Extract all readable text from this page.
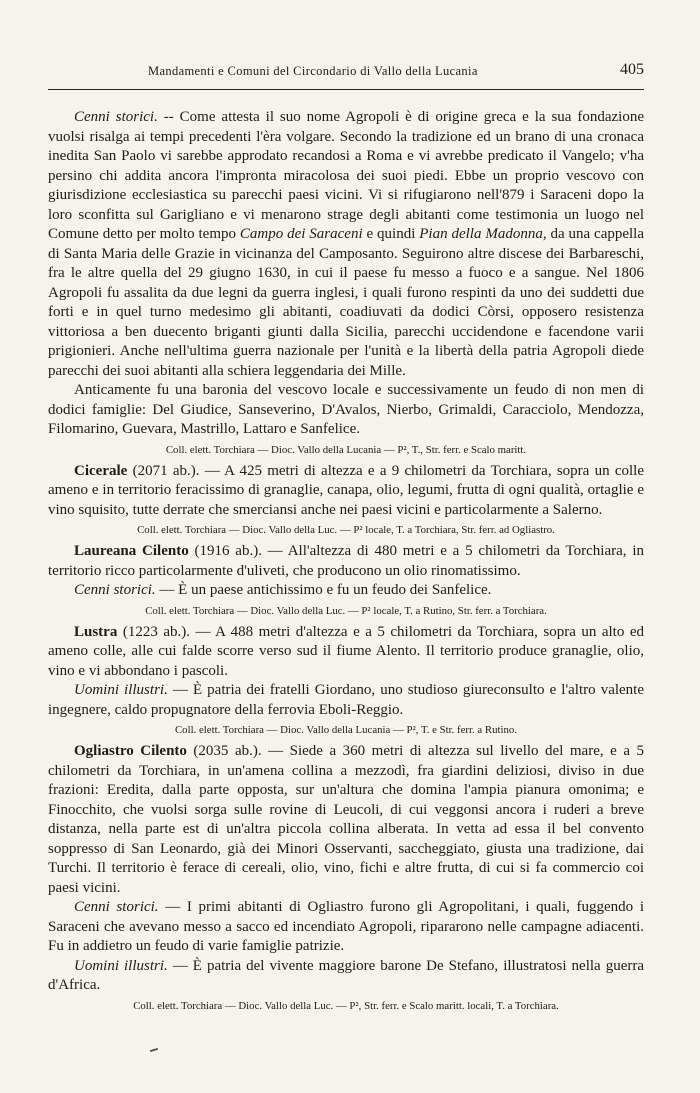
Mandamenti e Comuni del Circondario di Vallo della Lucania	405

Cenni storici. -- Come attesta il suo nome Agropoli è di origine greca e la sua fondazione vuolsi risalga ai tempi precedenti l'èra volgare. Secondo la tradizione ed un brano di una cronaca inedita San Paolo vi sarebbe approdato recandosi a Roma e vi avrebbe predicato il Vangelo; v'ha persino chi addita ancora l'impronta miracolosa dei suoi piedi. Ebbe un proprio vescovo con giurisdizione ecclesiastica su parecchi paesi vicini. Vi si rifugiarono nell'879 i Saraceni dopo la loro sconfitta sul Garigliano e vi menarono strage degli abitanti come testimonia un luogo nel Comune detto per molto tempo Campo dei Saraceni e quindi Pian della Madonna, da una cappella di Santa Maria delle Grazie in vicinanza del Camposanto. Seguirono altre discese dei Barbareschi, fra le altre quella del 29 giugno 1630, in cui il paese fu messo a fuoco e a sangue. Nel 1806 Agropoli fu assalita da due legni da guerra inglesi, i quali furono respinti da uno dei suddetti due forti e in quel turno medesimo gli abitanti, coadiuvati da dodici Còrsi, opposero resistenza vittoriosa a ben duecento briganti giunti dalla Sicilia, parecchi uccidendone e facendone varii prigionieri. Anche nell'ultima guerra nazionale per l'unità e la libertà della patria Agropoli diede parecchi dei suoi abitanti alla schiera leggendaria dei Mille.

Anticamente fu una baronia del vescovo locale e successivamente un feudo di non men di dodici famiglie: Del Giudice, Sanseverino, D'Avalos, Nierbo, Grimaldi, Caracciolo, Mendozza, Filomarino, Guevara, Mastrillo, Lattaro e Sanfelice.

Coll. elett. Torchiara — Dioc. Vallo della Lucania — P², T., Str. ferr. e Scalo maritt.

Cicerale (2071 ab.). — A 425 metri di altezza e a 9 chilometri da Torchiara, sopra un colle ameno e in territorio feracissimo di granaglie, canapa, olio, legumi, frutta di ogni qualità, ortaglie e vino squisito, tutte derrate che smerciansi anche nei paesi vicini e particolarmente a Salerno.

Coll. elett. Torchiara — Dioc. Vallo della Luc. — P² locale, T. a Torchiara, Str. ferr. ad Ogliastro.

Laureana Cilento (1916 ab.). — All'altezza di 480 metri e a 5 chilometri da Torchiara, in territorio ricco particolarmente d'uliveti, che producono un olio rinomatissimo.

Cenni storici. — È un paese antichissimo e fu un feudo dei Sanfelice.

Coll. elett. Torchiara — Dioc. Vallo della Luc. — P² locale, T. a Rutino, Str. ferr. a Torchiara.

Lustra (1223 ab.). — A 488 metri d'altezza e a 5 chilometri da Torchiara, sopra un alto ed ameno colle, alle cui falde scorre verso sud il fiume Alento. Il territorio produce granaglie, olio, vino e vi abbondano i pascoli.

Uomini illustri. — È patria dei fratelli Giordano, uno studioso giureconsulto e l'altro valente ingegnere, caldo propugnatore della ferrovia Eboli-Reggio.

Coll. elett. Torchiara — Dioc. Vallo della Lucania — P², T. e Str. ferr. a Rutino.

Ogliastro Cilento (2035 ab.). — Siede a 360 metri di altezza sul livello del mare, e a 5 chilometri da Torchiara, in un'amena collina a mezzodì, fra giardini deliziosi, diviso in due frazioni: Eredita, dalla parte opposta, sur un'altura che domina l'ampia pianura omonima; e Finocchito, che vuolsi sorga sulle rovine di Leucoli, di cui veggonsi ancora i ruderi a breve distanza, nella parte est di un'altra piccola collina alberata. In vetta ad essa il bel convento soppresso di San Leonardo, già dei Minori Osservanti, saccheggiato, giusta una tradizione, dai Turchi. Il territorio è ferace di cereali, olio, vino, fichi e altre frutta, di cui si fa commercio coi paesi vicini.

Cenni storici. — I primi abitanti di Ogliastro furono gli Agropolitani, i quali, fuggendo i Saraceni che avevano messo a sacco ed incendiato Agropoli, ripararono nelle campagne adiacenti. Fu in addietro un feudo di varie famiglie patrizie.

Uomini illustri. — È patria del vivente maggiore barone De Stefano, illustratosi nella guerra d'Africa.

Coll. elett. Torchiara — Dioc. Vallo della Luc. — P², Str. ferr. e Scalo maritt. locali, T. a Torchiara.
